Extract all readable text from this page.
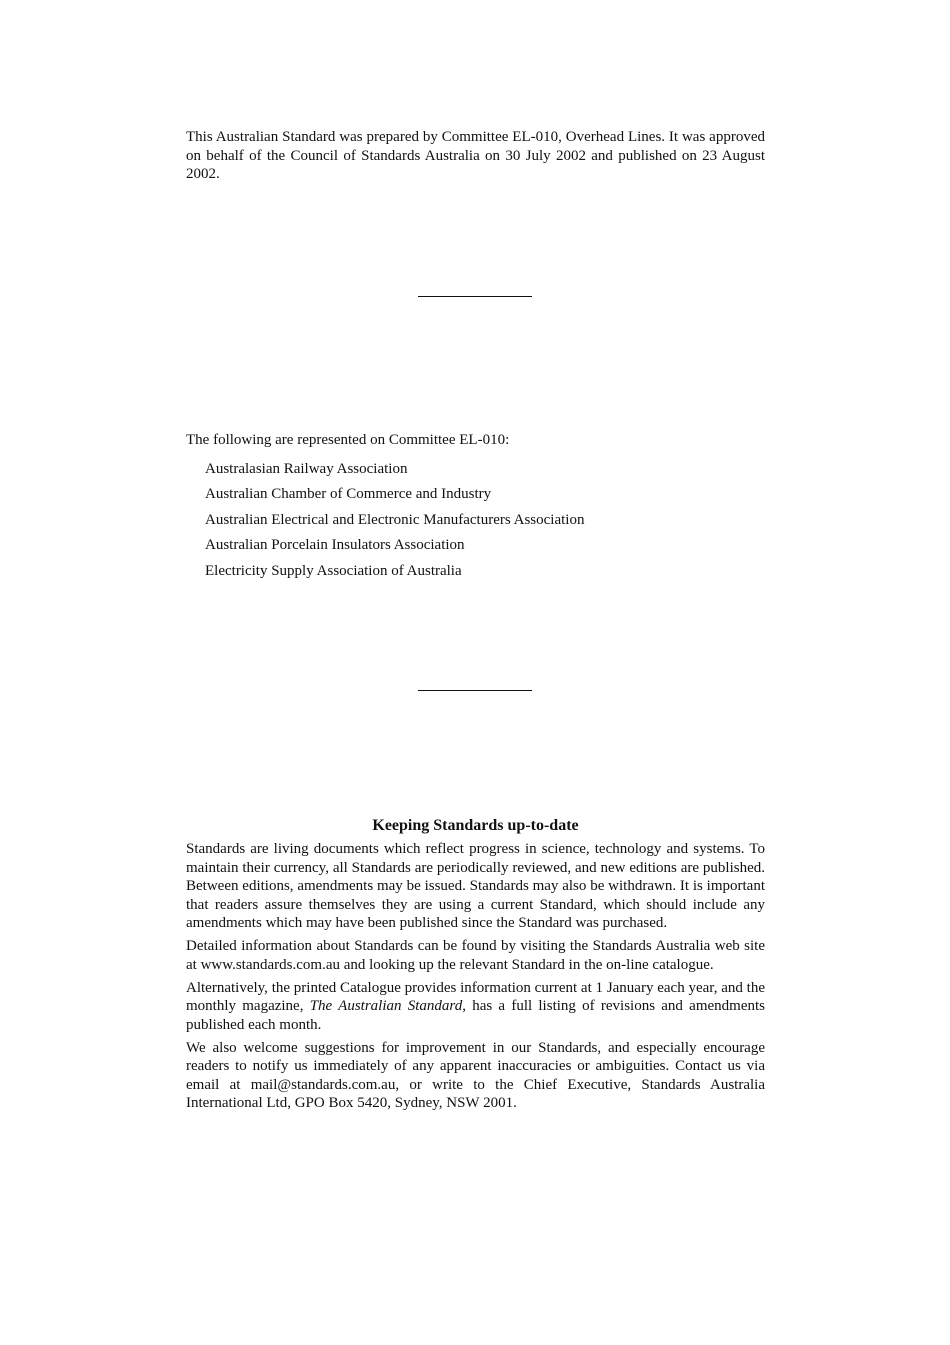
This Australian Standard was prepared by Committee EL-010, Overhead Lines. It was approved on behalf of the Council of Standards Australia on 30 July 2002 and published on 23 August 2002.

The following are represented on Committee EL-010:

Australasian Railway Association
Australian Chamber of Commerce and Industry
Australian Electrical and Electronic Manufacturers Association
Australian Porcelain Insulators Association
Electricity Supply Association of Australia
Keeping Standards up-to-date

Standards are living documents which reflect progress in science, technology and systems. To maintain their currency, all Standards are periodically reviewed, and new editions are published. Between editions, amendments may be issued. Standards may also be withdrawn. It is important that readers assure themselves they are using a current Standard, which should include any amendments which may have been published since the Standard was purchased.

Detailed information about Standards can be found by visiting the Standards Australia web site at www.standards.com.au and looking up the relevant Standard in the on-line catalogue.

Alternatively, the printed Catalogue provides information current at 1 January each year, and the monthly magazine, The Australian Standard, has a full listing of revisions and amendments published each month.

We also welcome suggestions for improvement in our Standards, and especially encourage readers to notify us immediately of any apparent inaccuracies or ambiguities. Contact us via email at mail@standards.com.au, or write to the Chief Executive, Standards Australia International Ltd, GPO Box 5420, Sydney, NSW 2001.
